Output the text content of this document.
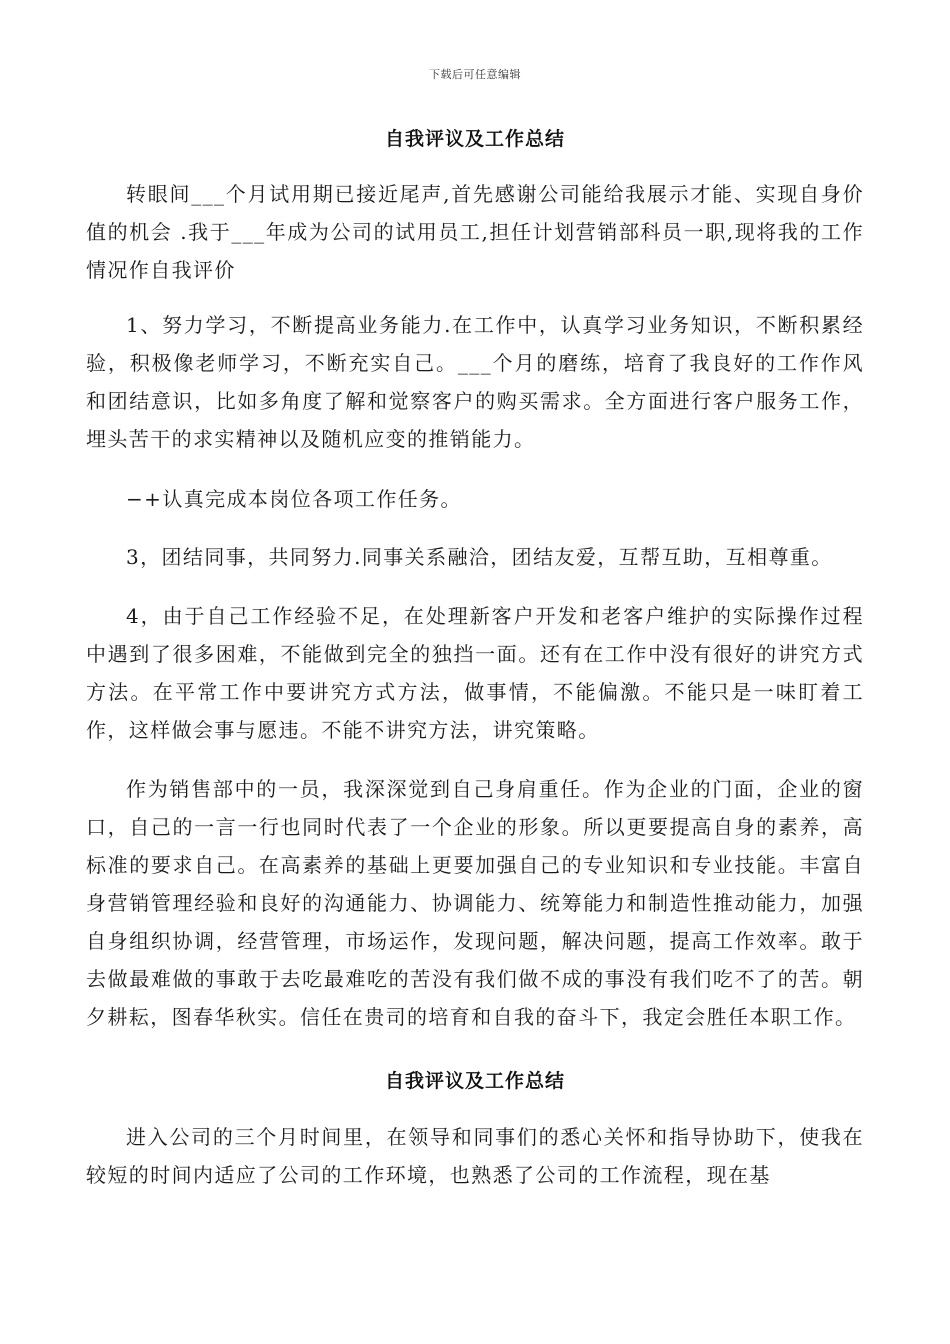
下载后可任意编辑
自我评议及工作总结

转眼间___个月试用期已接近尾声,首先感谢公司能给我展示才能、实现自身价值的机会 .我于___年成为公司的试用员工,担任计划营销部科员一职,现将我的工作情况作自我评价

1、努力学习，不断提高业务能力.在工作中，认真学习业务知识，不断积累经验，积极像老师学习，不断充实自己。___个月的磨练，培育了我良好的工作作风和团结意识，比如多角度了解和觉察客户的购买需求。全方面进行客户服务工作，埋头苦干的求实精神以及随机应变的推销能力。

−+认真完成本岗位各项工作任务。

3，团结同事，共同努力.同事关系融洽，团结友爱，互帮互助，互相尊重。

4，由于自己工作经验不足，在处理新客户开发和老客户维护的实际操作过程中遇到了很多困难，不能做到完全的独挡一面。还有在工作中没有很好的讲究方式方法。在平常工作中要讲究方式方法，做事情，不能偏激。不能只是一味盯着工作，这样做会事与愿违。不能不讲究方法，讲究策略。

作为销售部中的一员，我深深觉到自己身肩重任。作为企业的门面，企业的窗口，自己的一言一行也同时代表了一个企业的形象。所以更要提高自身的素养，高标准的要求自己。在高素养的基础上更要加强自己的专业知识和专业技能。丰富自身营销管理经验和良好的沟通能力、协调能力、统筹能力和制造性推动能力，加强自身组织协调，经营管理，市场运作，发现问题，解决问题，提高工作效率。敢于去做最难做的事敢于去吃最难吃的苦没有我们做不成的事没有我们吃不了的苦。朝夕耕耘，图春华秋实。信任在贵司的培育和自我的奋斗下，我定会胜任本职工作。

自我评议及工作总结

进入公司的三个月时间里，在领导和同事们的悉心关怀和指导协助下，使我在较短的时间内适应了公司的工作环境，也熟悉了公司的工作流程，现在基
